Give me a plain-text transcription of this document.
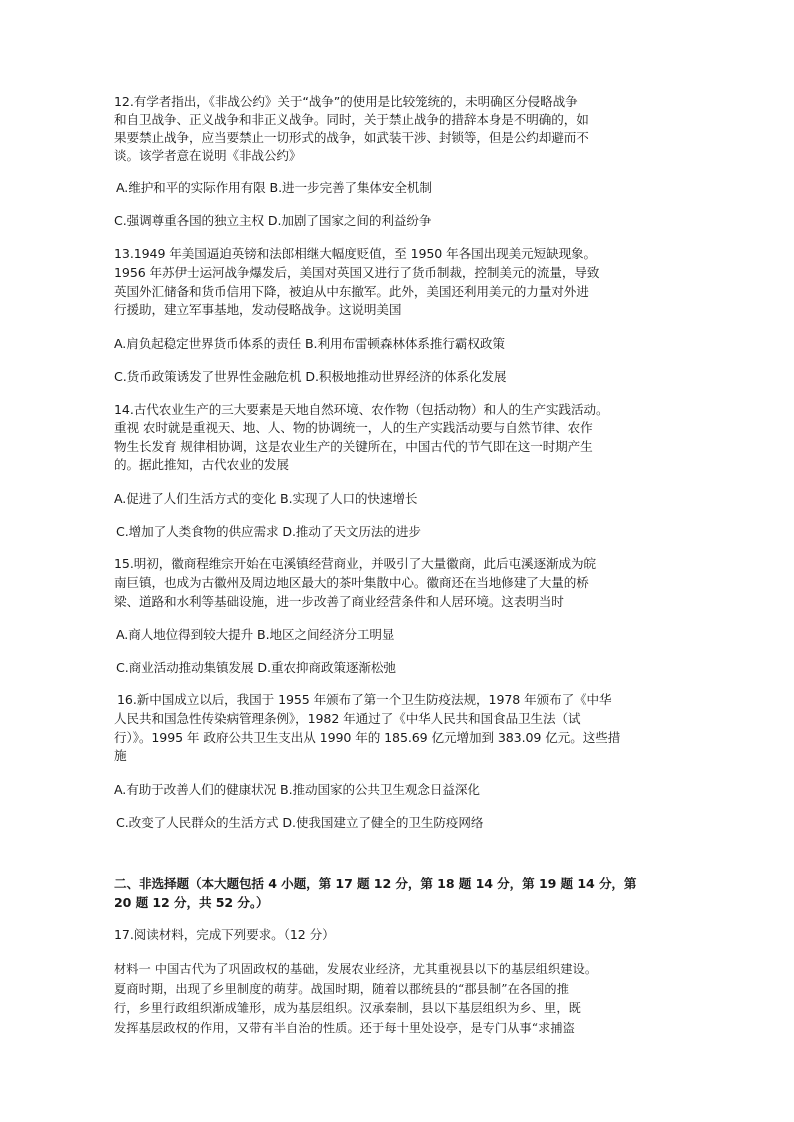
12.有学者指出，《非战公约》关于“战争”的使用是比较笼统的，未明确区分侵略战争
和自卫战争、正义战争和非正义战争。同时，关于禁止战争的措辞本身是不明确的，如
果要禁止战争，应当要禁止一切形式的战争，如武装干涉、封锁等，但是公约却避而不
谈。该学者意在说明《非战公约》
A.维护和平的实际作用有限 B.进一步完善了集体安全机制
C.强调尊重各国的独立主权 D.加剧了国家之间的利益纷争
13.1949 年美国逼迫英镑和法郎相继大幅度贬值，至 1950 年各国出现美元短缺现象。
1956 年苏伊士运河战争爆发后，美国对英国又进行了货币制裁，控制美元的流量，导致
英国外汇储备和货币信用下降，被迫从中东撤军。此外，美国还利用美元的力量对外进
行援助，建立军事基地，发动侵略战争。这说明美国
A.肩负起稳定世界货币体系的责任 B.利用布雷顿森林体系推行霸权政策
C.货币政策诱发了世界性金融危机 D.积极地推动世界经济的体系化发展
14.古代农业生产的三大要素是天地自然环境、农作物（包括动物）和人的生产实践活动。
重视 农时就是重视天、地、人、物的协调统一，人的生产实践活动要与自然节律、农作
物生长发育 规律相协调，这是农业生产的关键所在，中国古代的节气即在这一时期产生
的。据此推知，古代农业的发展
A.促进了人们生活方式的变化 B.实现了人口的快速增长
C.增加了人类食物的供应需求 D.推动了天文历法的进步
15.明初，徽商程维宗开始在屯溪镇经营商业，并吸引了大量徽商，此后屯溪逐渐成为皖
南巨镇，也成为古徽州及周边地区最大的茶叶集散中心。徽商还在当地修建了大量的桥
梁、道路和水利等基础设施，进一步改善了商业经营条件和人居环境。这表明当时
A.商人地位得到较大提升 B.地区之间经济分工明显
C.商业活动推动集镇发展 D.重农抑商政策逐渐松弛
16.新中国成立以后，我国于 1955 年颁布了第一个卫生防疫法规，1978 年颁布了《中华
人民共和国急性传染病管理条例》，1982 年通过了《中华人民共和国食品卫生法（试
行）》。1995 年 政府公共卫生支出从 1990 年的 185.69 亿元增加到 383.09 亿元。这些措
施
A.有助于改善人们的健康状况 B.推动国家的公共卫生观念日益深化
C.改变了人民群众的生活方式 D.使我国建立了健全的卫生防疫网络
二、非选择题（本大题包括 4 小题，第 17 题 12 分，第 18 题 14 分，第 19 题 14 分，第
20 题 12 分，共 52 分。）
17.阅读材料，完成下列要求。（12 分）
材料一 中国古代为了巩固政权的基础，发展农业经济，尤其重视县以下的基层组织建设。
夏商时期，出现了乡里制度的萌芽。战国时期，随着以郡统县的“郡县制”在各国的推
行，乡里行政组织渐成雏形，成为基层组织。汉承秦制，县以下基层组织为乡、里，既
发挥基层政权的作用，又带有半自治的性质。还于每十里处设亭，是专门从事“求捕盗
